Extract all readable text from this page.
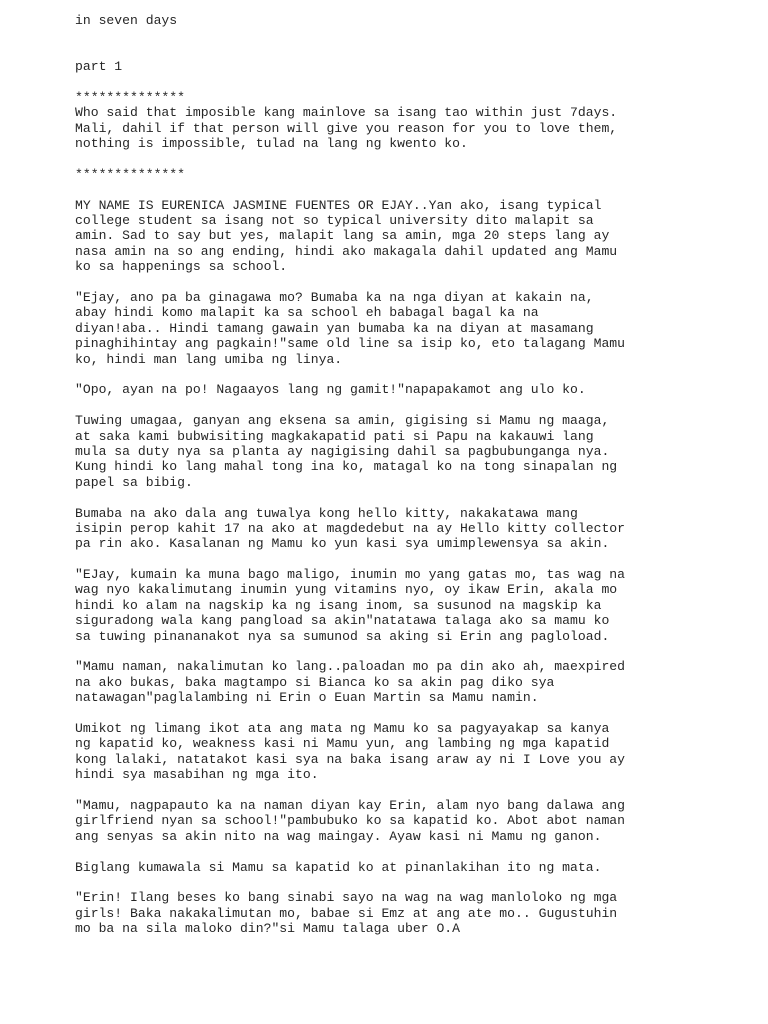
in seven days
part 1
**************
Who said that imposible kang mainlove sa isang tao within just 7days.
Mali, dahil if that person will give you reason for you to love them,
nothing is impossible, tulad na lang ng kwento ko.
**************
MY NAME IS EURENICA JASMINE FUENTES OR EJAY..Yan ako, isang typical
college student sa isang not so typical university dito malapit sa
amin. Sad to say but yes, malapit lang sa amin, mga 20 steps lang ay
nasa amin na so ang ending, hindi ako makagala dahil updated ang Mamu
ko sa happenings sa school.
"Ejay, ano pa ba ginagawa mo? Bumaba ka na nga diyan at kakain na,
abay hindi komo malapit ka sa school eh babagal bagal ka na
diyan!aba.. Hindi tamang gawain yan bumaba ka na diyan at masamang
pinaghihintay ang pagkain!"same old line sa isip ko, eto talagang Mamu
ko, hindi man lang umiba ng linya.
"Opo, ayan na po! Nagaayos lang ng gamit!"napapakamot ang ulo ko.
Tuwing umagaa, ganyan ang eksena sa amin, gigising si Mamu ng maaga,
at saka kami bubwisiting magkakapatid pati si Papu na kakauwi lang
mula sa duty nya sa planta ay nagigising dahil sa pagbubunganga nya.
Kung hindi ko lang mahal tong ina ko, matagal ko na tong sinapalan ng
papel sa bibig.
Bumaba na ako dala ang tuwalya kong hello kitty, nakakatawa mang
isipin perop kahit 17 na ako at magdedebut na ay Hello kitty collector
pa rin ako. Kasalanan ng Mamu ko yun kasi sya umimplewensya sa akin.
"EJay, kumain ka muna bago maligo, inumin mo yang gatas mo, tas wag na
wag nyo kakalimutang inumin yung vitamins nyo, oy ikaw Erin, akala mo
hindi ko alam na nagskip ka ng isang inom, sa susunod na magskip ka
siguradong wala kang pangload sa akin"natatawa talaga ako sa mamu ko
sa tuwing pinananakot nya sa sumunod sa aking si Erin ang pagloload.
"Mamu naman, nakalimutan ko lang..paloadan mo pa din ako ah, maexpired
na ako bukas, baka magtampo si Bianca ko sa akin pag diko sya
natawagan"paglalambing ni Erin o Euan Martin sa Mamu namin.
Umikot ng limang ikot ata ang mata ng Mamu ko sa pagyayakap sa kanya
ng kapatid ko, weakness kasi ni Mamu yun, ang lambing ng mga kapatid
kong lalaki, natatakot kasi sya na baka isang araw ay ni I Love you ay
hindi sya masabihan ng mga ito.
"Mamu, nagpapauto ka na naman diyan kay Erin, alam nyo bang dalawa ang
girlfriend nyan sa school!"pambubuko ko sa kapatid ko. Abot abot naman
ang senyas sa akin nito na wag maingay. Ayaw kasi ni Mamu ng ganon.
Biglang kumawala si Mamu sa kapatid ko at pinanlakihan ito ng mata.
"Erin! Ilang beses ko bang sinabi sayo na wag na wag manloloko ng mga
girls! Baka nakakalimutan mo, babae si Emz at ang ate mo.. Gugustuhin
mo ba na sila maloko din?"si Mamu talaga uber O.A
